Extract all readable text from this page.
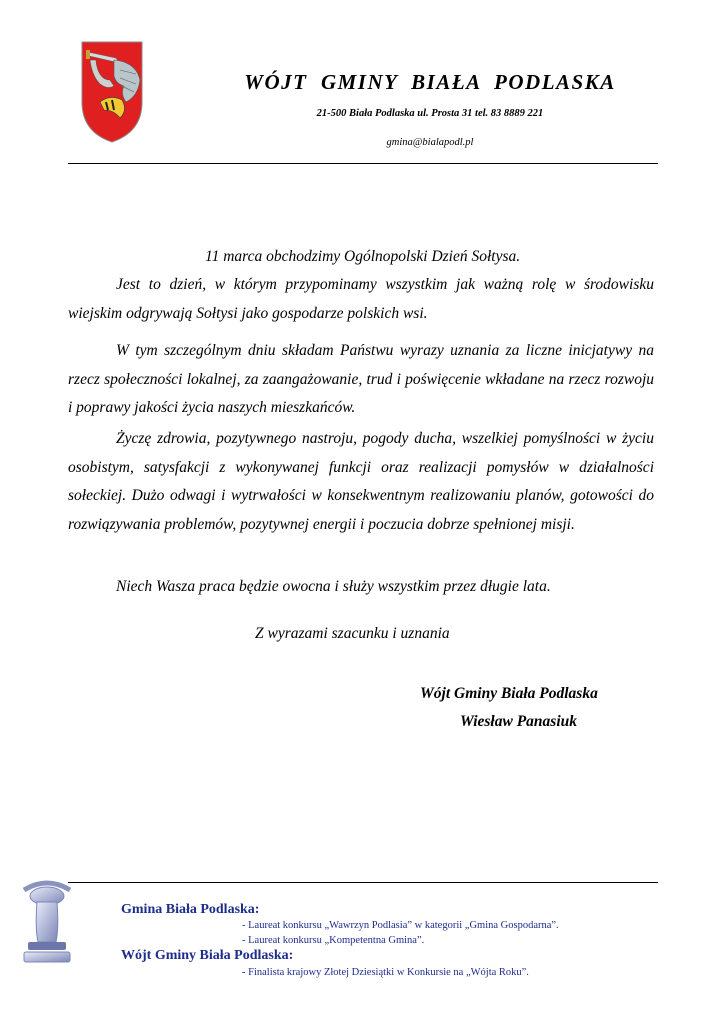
WÓJT  GMINY  BIAŁA  PODLASKA
21-500 Biała Podlaska ul. Prosta 31 tel. 83 8889 221
gmina@bialapodl.pl
11 marca obchodzimy Ogólnopolski Dzień Sołtysa.
Jest to dzień, w którym przypominamy wszystkim jak ważną rolę w środowisku wiejskim odgrywają Sołtysi jako gospodarze polskich wsi.
W tym szczególnym dniu składam Państwu wyrazy uznania za liczne inicjatywy na rzecz społeczności lokalnej, za zaangażowanie, trud i poświęcenie wkładane na rzecz rozwoju i poprawy jakości życia naszych mieszkańców.
Życzę zdrowia, pozytywnego nastroju, pogody ducha, wszelkiej pomyślności w życiu osobistym, satysfakcji z wykonywanej funkcji oraz realizacji pomysłów w działalności sołeckiej. Dużo odwagi i wytrwałości w konsekwentnym realizowaniu planów, gotowości do rozwiązywania problemów, pozytywnej energii i poczucia dobrze spełnionej misji.
Niech Wasza praca będzie owocna i służy wszystkim przez długie lata.
Z wyrazami szacunku i uznania
Wójt Gminy Biała Podlaska
Wiesław Panasiuk
Gmina Biała Podlaska:
- Laureat konkursu „Wawrzyn Podlasia” w kategorii „Gmina Gospodarna”.
- Laureat konkursu „Kompetentna Gmina”.
Wójt Gminy Biała Podlaska:
- Finalista krajowy Złotej Dziesiątki w Konkursie na „Wójta Roku”.
